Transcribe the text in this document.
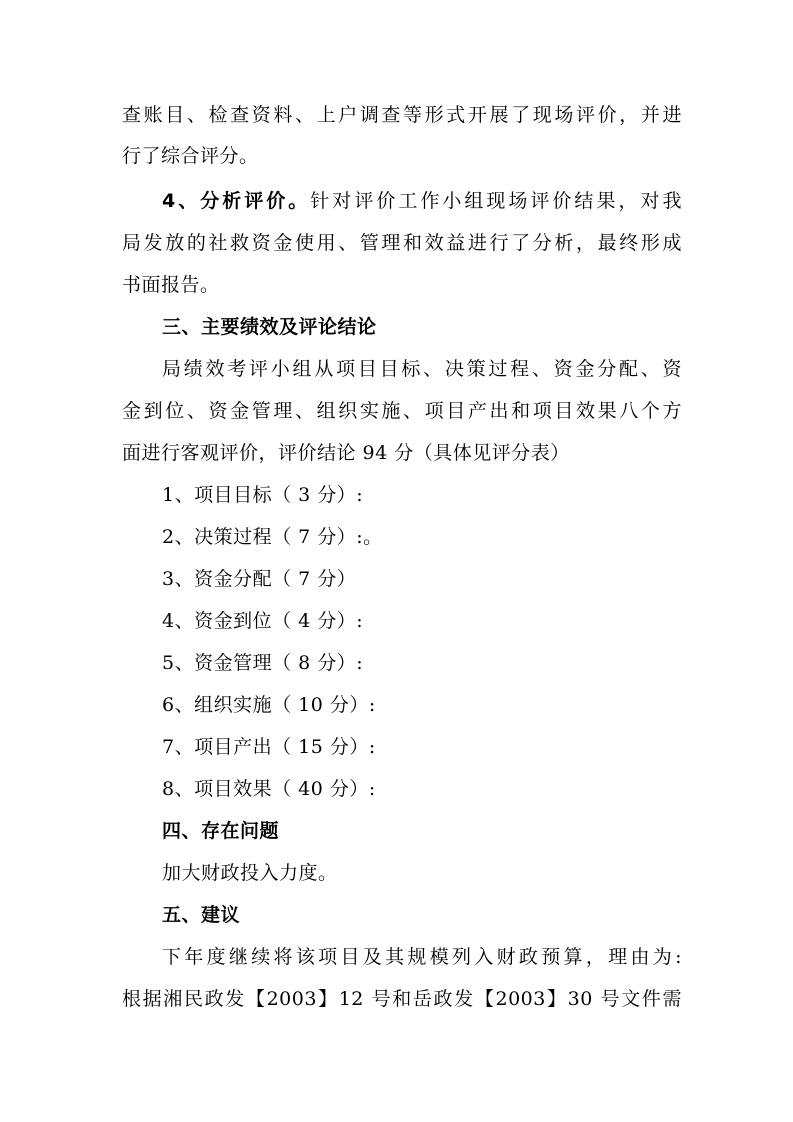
查账目、检查资料、上户调查等形式开展了现场评价，并进
行了综合评分。
4、分析评价。针对评价工作小组现场评价结果，对我
局发放的社救资金使用、管理和效益进行了分析，最终形成
书面报告。
三、主要绩效及评论结论
局绩效考评小组从项目目标、决策过程、资金分配、资
金到位、资金管理、组织实施、项目产出和项目效果八个方
面进行客观评价，评价结论 94 分（具体见评分表）
1、项目目标（ 3 分）:
2、决策过程（ 7 分）:。
3、资金分配（ 7 分）
4、资金到位（ 4 分）:
5、资金管理（ 8 分）:
6、组织实施（ 10 分）:
7、项目产出（ 15 分）:
8、项目效果（ 40 分）:
四、存在问题
加大财政投入力度。
五、建议
下年度继续将该项目及其规模列入财政预算，理由为:
根据湘民政发【2003】12 号和岳政发【2003】30 号文件需
